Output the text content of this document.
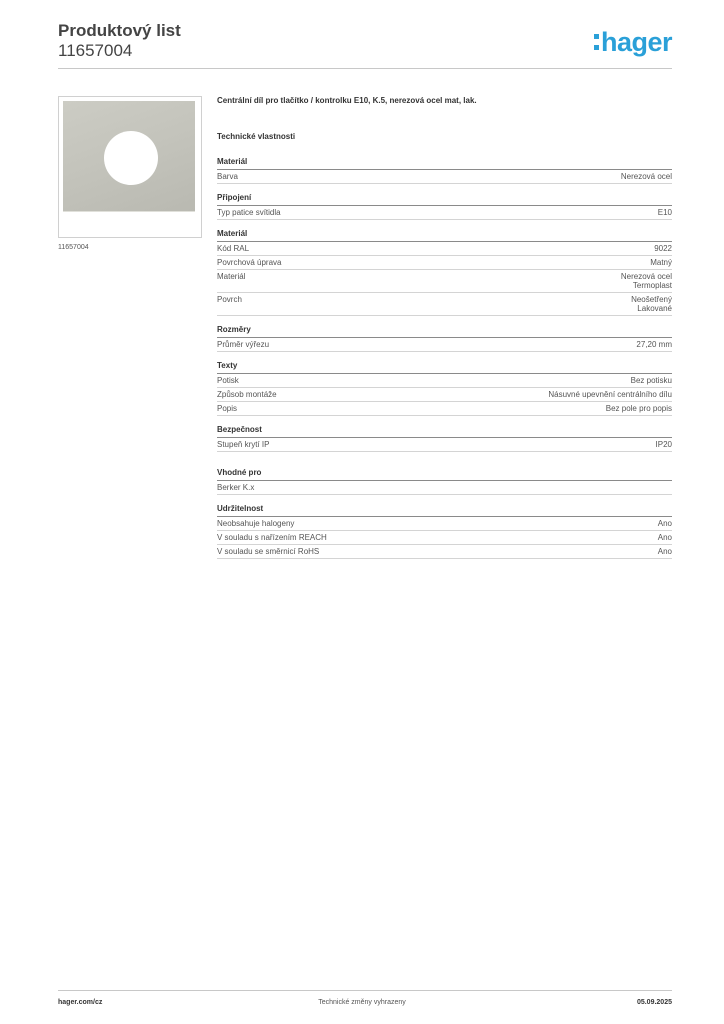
Produktový list
11657004	hager
11657004
Centrální díl pro tlačítko / kontrolku E10, K.5, nerezová ocel mat, lak.
Technické vlastnosti
Materiál
Barva	Nerezová ocel
Připojení
Typ patice svítidla	E10
Materiál
Kód RAL	9022
Povrchová úprava	Matný
Materiál	Nerezová ocel
Termoplast
Povrch	Neošetřený
Lakované
Rozměry
Průměr výřezu	27,20 mm
Texty
Potisk	Bez potisku
Způsob montáže	Násuvné upevnění centrálního dílu
Popis	Bez pole pro popis
Bezpečnost
Stupeň krytí IP	IP20
Vhodné pro
Berker K.x
Udržitelnost
Neobsahuje halogeny	Ano
V souladu s nařízením REACH	Ano
V souladu se směrnicí RoHS	Ano
hager.com/cz	Technické změny vyhrazeny	05.09.2025
